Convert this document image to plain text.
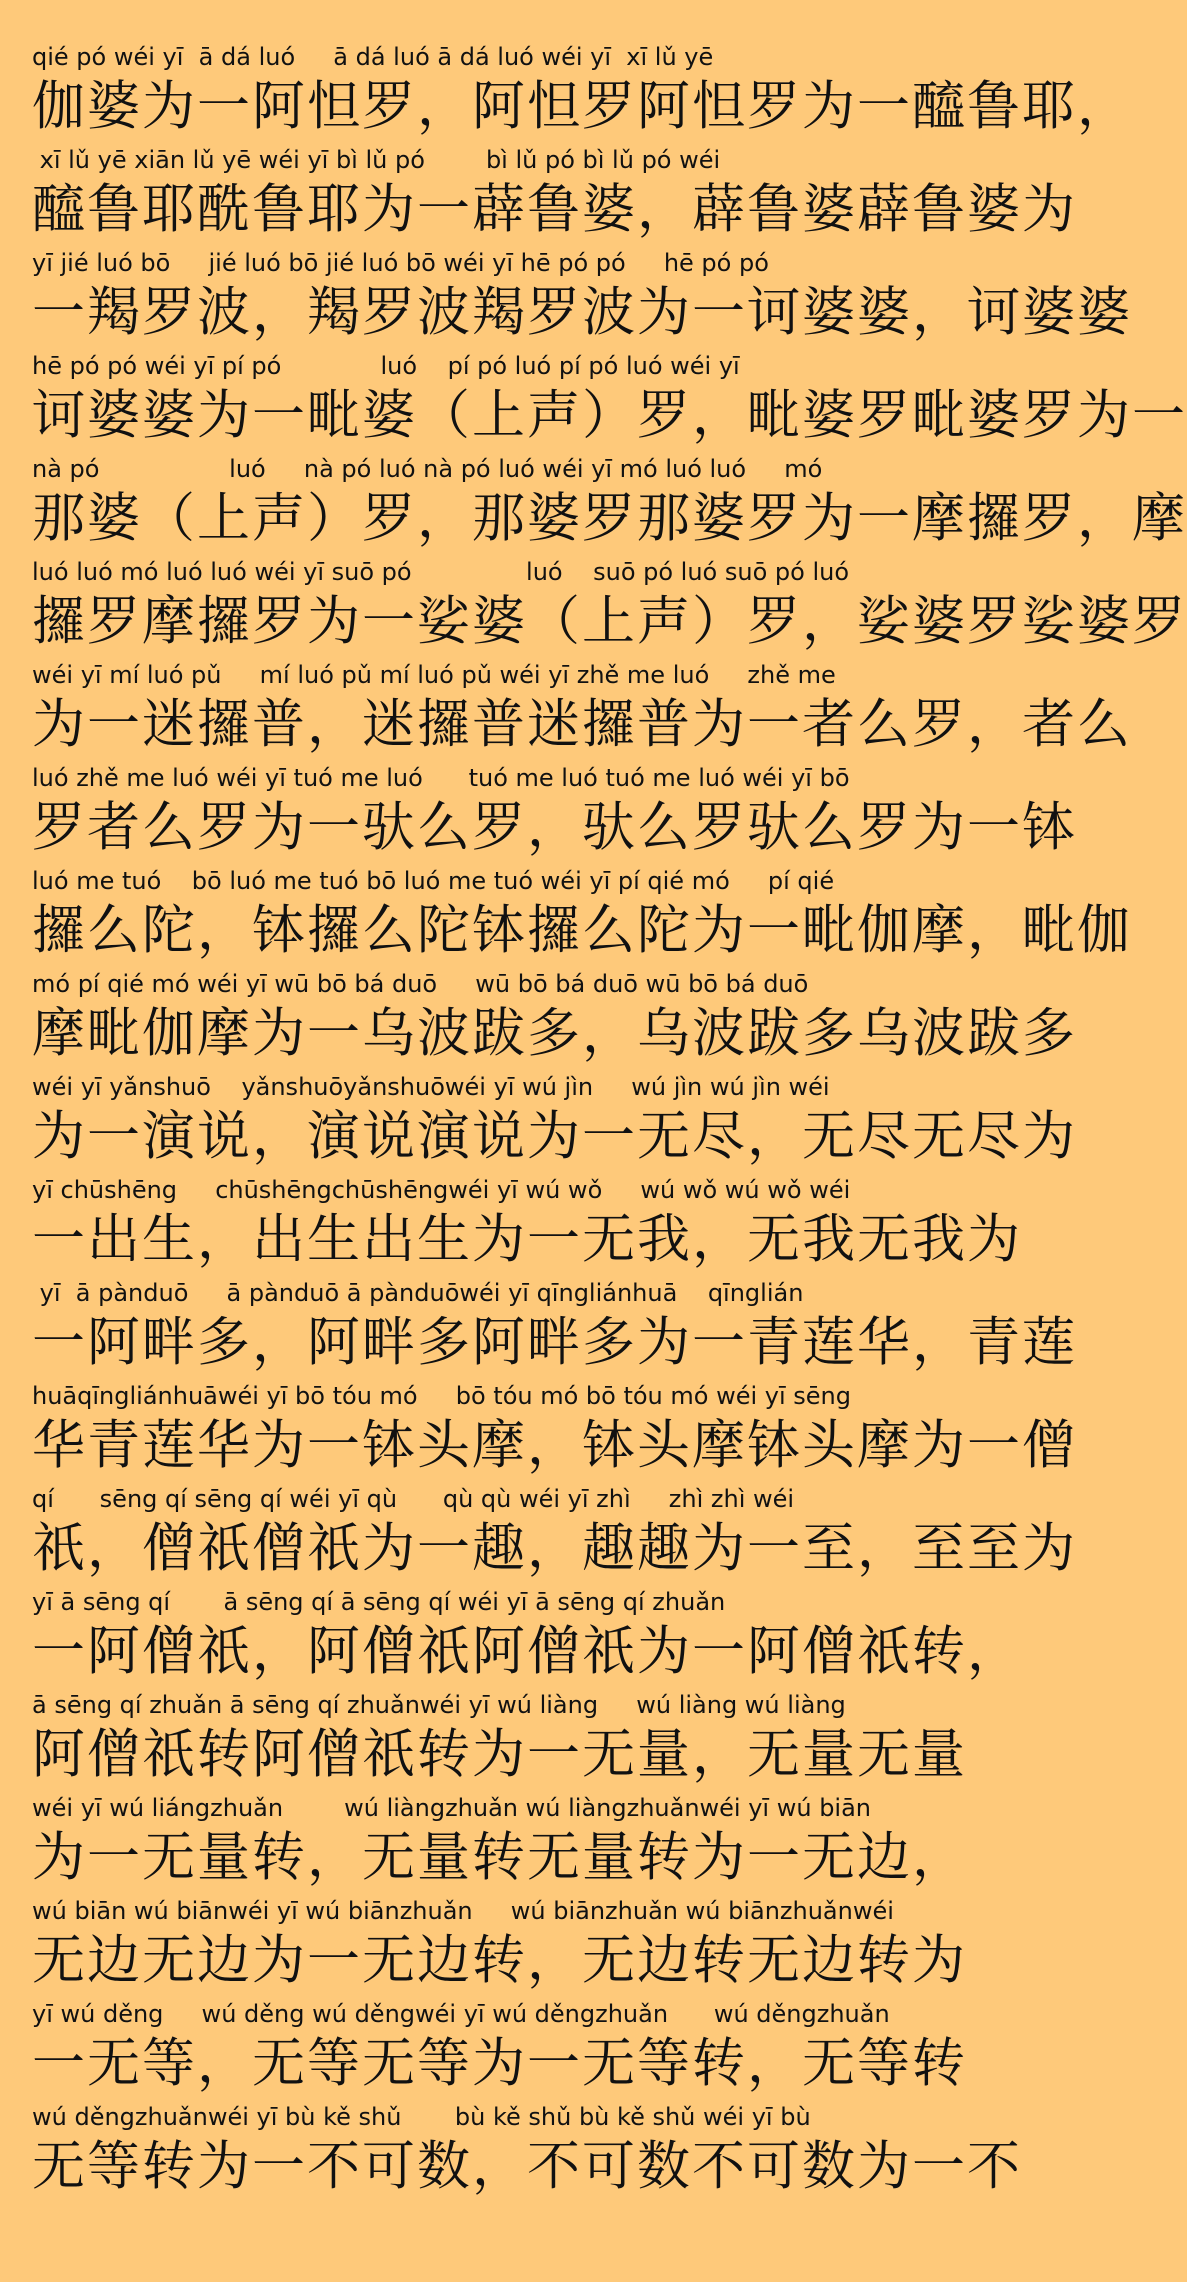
qié pó wéi yī  ā dá luó     ā dá luó ā dá luó wéi yī  xī lǔ yē
伽婆为一阿怛罗，阿怛罗阿怛罗为一醯鲁耶，
xī lǔ yē xiān lǔ yē wéi yī bì lǔ pó        bì lǔ pó bì lǔ pó wéi
醯鲁耶酰鲁耶为一薜鲁婆，薜鲁婆薜鲁婆为
yī jié luó bō     jié luó bō jié luó bō wéi yī hē pó pó     hē pó pó
一羯罗波，羯罗波羯罗波为一诃婆婆，诃婆婆
hē pó pó wéi yī pí pó             luó    pí pó luó pí pó luó wéi yī
诃婆婆为一毗婆（上声）罗，毗婆罗毗婆罗为一
nà pó                 luó     nà pó luó nà pó luó wéi yī mó luó luó     mó
那婆（上声）罗，那婆罗那婆罗为一摩攞罗，摩
luó luó mó luó luó wéi yī suō pó               luó    suō pó luó suō pó luó
攞罗摩攞罗为一娑婆（上声）罗，娑婆罗娑婆罗
wéi yī mí luó pǔ     mí luó pǔ mí luó pǔ wéi yī zhě me luó     zhě me
为一迷攞普，迷攞普迷攞普为一者么罗，者么
luó zhě me luó wéi yī tuó me luó      tuó me luó tuó me luó wéi yī bō
罗者么罗为一驮么罗，驮么罗驮么罗为一钵
luó me tuó    bō luó me tuó bō luó me tuó wéi yī pí qié mó     pí qié
攞么陀，钵攞么陀钵攞么陀为一毗伽摩，毗伽
mó pí qié mó wéi yī wū bō bá duō     wū bō bá duō wū bō bá duō
摩毗伽摩为一乌波跋多，乌波跋多乌波跋多
wéi yī yǎnshuō    yǎnshuōyǎnshuōwéi yī wú jìn     wú jìn wú jìn wéi
为一演说，演说演说为一无尽，无尽无尽为
yī chūshēng     chūshēngchūshēngwéi yī wú wǒ     wú wǒ wú wǒ wéi
一出生，出生出生为一无我，无我无我为
yī  ā pànduō     ā pànduō ā pànduōwéi yī qīngliánhuā    qīnglián
一阿畔多，阿畔多阿畔多为一青莲华，青莲
huāqīngliánhuāwéi yī bō tóu mó     bō tóu mó bō tóu mó wéi yī sēng
华青莲华为一钵头摩，钵头摩钵头摩为一僧
qí      sēng qí sēng qí wéi yī qù      qù qù wéi yī zhì     zhì zhì wéi
祇，僧祇僧祇为一趣，趣趣为一至，至至为
yī ā sēng qí       ā sēng qí ā sēng qí wéi yī ā sēng qí zhuǎn
一阿僧祇，阿僧祇阿僧祇为一阿僧祇转，
ā sēng qí zhuǎn ā sēng qí zhuǎnwéi yī wú liàng     wú liàng wú liàng
阿僧祇转阿僧祇转为一无量，无量无量
wéi yī wú liángzhuǎn        wú liàngzhuǎn wú liàngzhuǎnwéi yī wú biān
为一无量转，无量转无量转为一无边，
wú biān wú biānwéi yī wú biānzhuǎn     wú biānzhuǎn wú biānzhuǎnwéi
无边无边为一无边转，无边转无边转为
yī wú děng     wú děng wú děngwéi yī wú děngzhuǎn      wú děngzhuǎn
一无等，无等无等为一无等转，无等转
wú děngzhuǎnwéi yī bù kě shǔ       bù kě shǔ bù kě shǔ wéi yī bù
无等转为一不可数，不可数不可数为一不
